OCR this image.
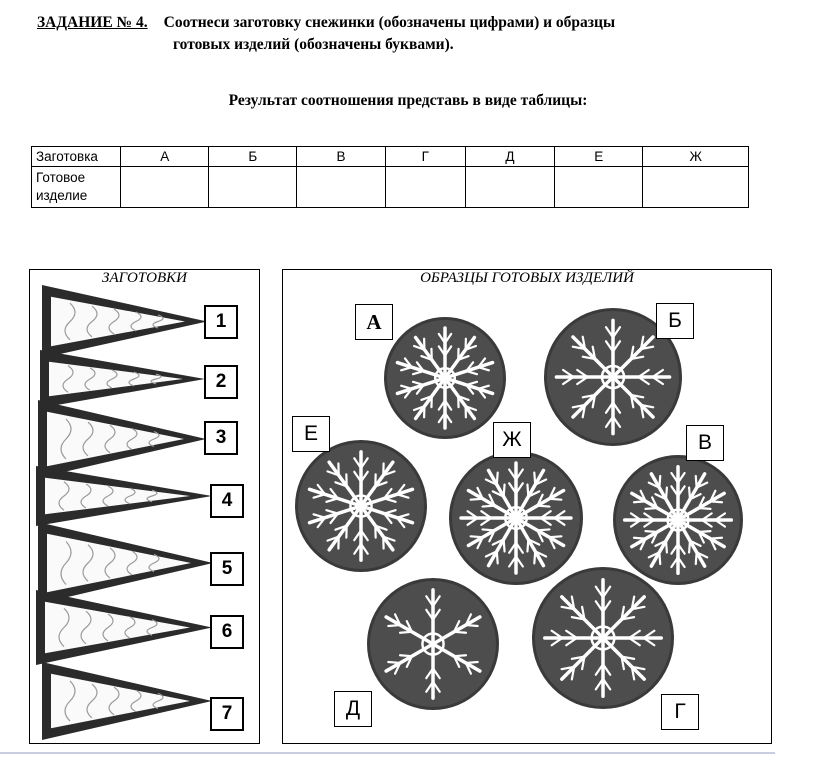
ЗАДАНИЕ № 4. Соотнеси заготовку снежинки (обозначены цифрами) и образцы
готовых изделий (обозначены буквами).
Результат соотношения представь в виде таблицы:
Заготовка	А	Б	В	Г	Д	Е	Ж
Готовое изделие							
ЗАГОТОВКИ
1
2
3
4
5
6
7
ОБРАЗЦЫ ГОТОВЫХ ИЗДЕЛИЙ
А	Б
Е	Ж	В
Д	Г
